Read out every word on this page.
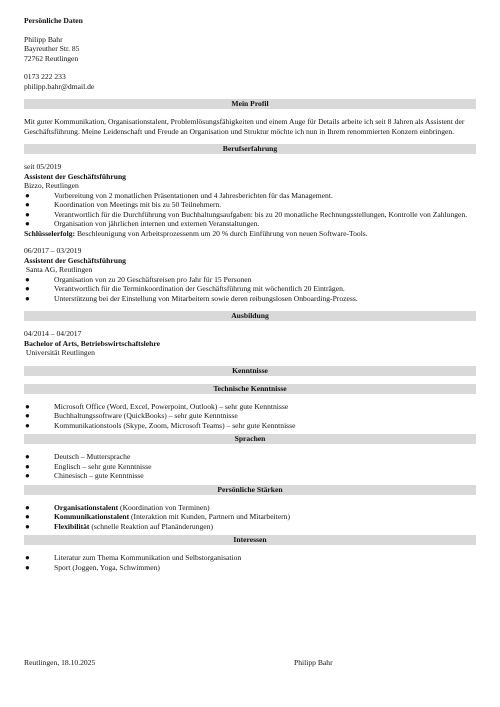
Persönliche Daten
Philipp Bahr
Bayreuther Str. 85
72762 Reutlingen
0173 222 233
philipp.bahr@dmail.de
Mein Profil
Mit guter Kommunikation, Organisationstalent, Problemlösungsfähigkeiten und einem Auge für Details arbeite ich seit 8 Jahren als Assistent der Geschäftsführung. Meine Leidenschaft und Freude an Organisation und Struktur möchte ich nun in Ihrem renommierten Konzern einbringen.
Berufserfahrung
seit 05/2019
Assistent der Geschäftsführung
Bizzo, Reutlingen
●	Vorbereitung von 2 monatlichen Präsentationen und 4 Jahresberichten für das Management.
●	Koordination von Meetings mit bis zu 50 Teilnehmern.
●	Verantwortlich für die Durchführung von Buchhaltungsaufgaben: bis zu 20 monatliche Rechnungsstellungen, Kontrolle von Zahlungen.
●	Organisation von jährlichen internen und externen Veranstaltungen.
Schlüsselerfolg: Beschleunigung von Arbeitsprozessenm um 20 % durch Einführung von neuen Software-Tools.
06/2017 – 03/2019
Assistent der Geschäftsführung
Santa AG, Reutlingen
●	Organisation von zu 20 Geschäftsreisen pro Jahr für 15 Personen
●	Verantwortlich für die Terminkoordination der Geschäftsführung mit wöchentlich 20 Einträgen.
●	Unterstützung bei der Einstellung von Mitarbeitern sowie deren reibungslosen Onboarding-Prozess.
Ausbildung
04/2014 – 04/2017
Bachelor of Arts, Betriebswirtschaftslehre
Universität Reutlingen
Kenntnisse
Technische Kenntnisse
●	Microsoft Office (Word, Excel, Powerpoint, Outlook) – sehr gute Kenntnisse
●	Buchhaltungssoftware (QuickBooks) – sehr gute Kenntnisse
●	Kommunikationstools (Skype, Zoom, Microsoft Teams) – sehr gute Kenntnisse
Sprachen
●	Deutsch – Muttersprache
●	Englisch – sehr gute Kenntnisse
●	Chinesisch – gute Kenntnisse
Persönliche Stärken
●	Organisationstalent (Koordination von Terminen)
●	Kommunikationstalent (Interaktion mit Kunden, Partnern und Mitarbeitern)
●	Flexibilität (schnelle Reaktion auf Planänderungen)
Interessen
●	Literatur zum Thema Kommunikation und Selbstorganisation
●	Sport (Joggen, Yoga, Schwimmen)
Reutlingen, 18.10.2025	Philipp Bahr
